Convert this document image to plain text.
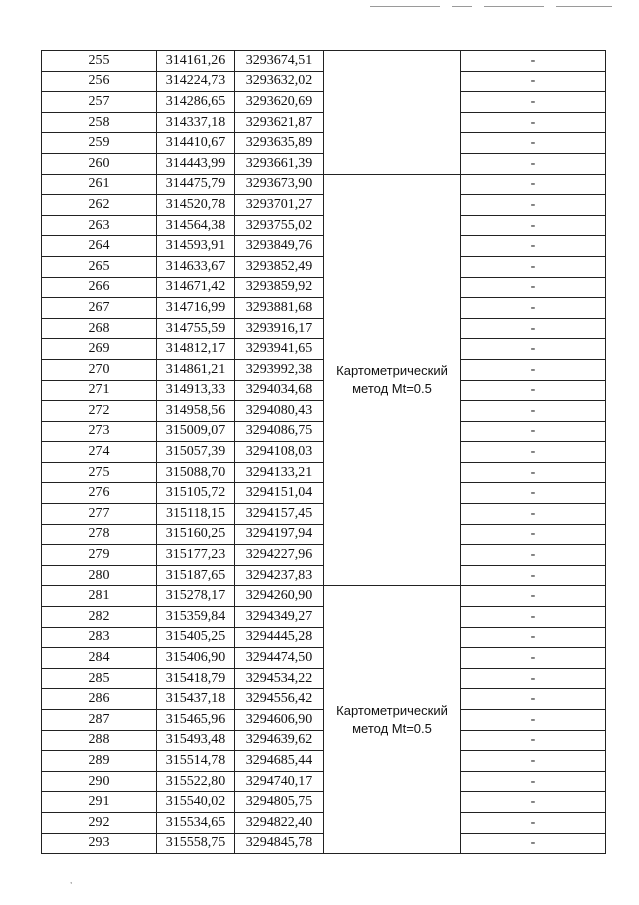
255	314161,26	3293674,51		-
256	314224,73	3293632,02		-
257	314286,65	3293620,69		-
258	314337,18	3293621,87		-
259	314410,67	3293635,89		-
260	314443,99	3293661,39		-
261	314475,79	3293673,90	Картометрический метод Mt=0.5	-
262	314520,78	3293701,27		-
263	314564,38	3293755,02		-
264	314593,91	3293849,76		-
265	314633,67	3293852,49		-
266	314671,42	3293859,92		-
267	314716,99	3293881,68		-
268	314755,59	3293916,17		-
269	314812,17	3293941,65		-
270	314861,21	3293992,38		-
271	314913,33	3294034,68		-
272	314958,56	3294080,43		-
273	315009,07	3294086,75		-
274	315057,39	3294108,03		-
275	315088,70	3294133,21		-
276	315105,72	3294151,04		-
277	315118,15	3294157,45		-
278	315160,25	3294197,94		-
279	315177,23	3294227,96		-
280	315187,65	3294237,83		-
281	315278,17	3294260,90	Картометрический метод Mt=0.5	-
282	315359,84	3294349,27		-
283	315405,25	3294445,28		-
284	315406,90	3294474,50		-
285	315418,79	3294534,22		-
286	315437,18	3294556,42		-
287	315465,96	3294606,90		-
288	315493,48	3294639,62		-
289	315514,78	3294685,44		-
290	315522,80	3294740,17		-
291	315540,02	3294805,75		-
292	315534,65	3294822,40		-
293	315558,75	3294845,78		-
,
